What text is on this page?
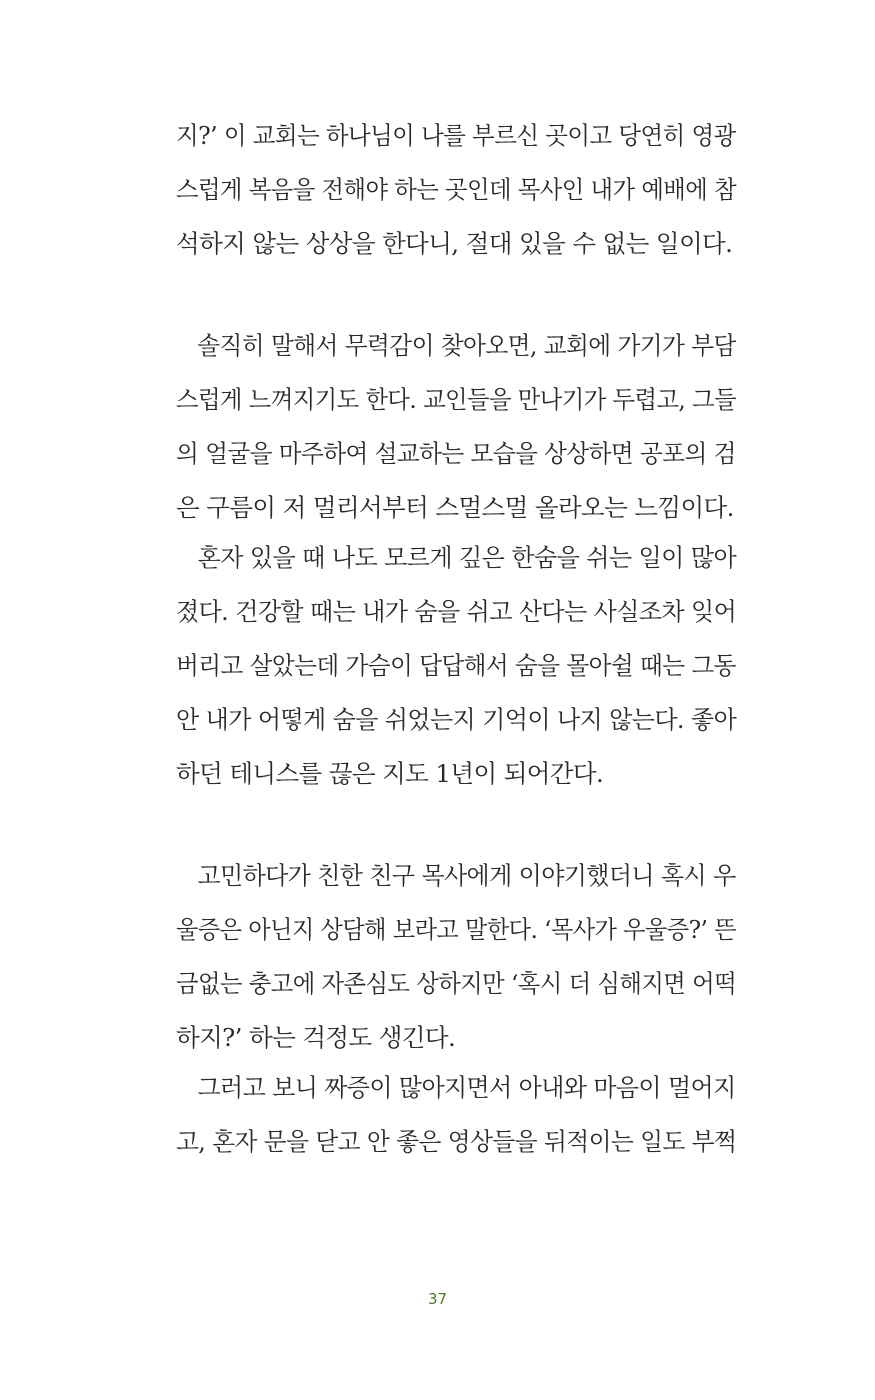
지?’ 이 교회는 하나님이 나를 부르신 곳이고 당연히 영광
스럽게 복음을 전해야 하는 곳인데 목사인 내가 예배에 참
석하지 않는 상상을 한다니, 절대 있을 수 없는 일이다.
솔직히 말해서 무력감이 찾아오면, 교회에 가기가 부담
스럽게 느껴지기도 한다. 교인들을 만나기가 두렵고, 그들
의 얼굴을 마주하여 설교하는 모습을 상상하면 공포의 검
은 구름이 저 멀리서부터 스멀스멀 올라오는 느낌이다.
혼자 있을 때 나도 모르게 깊은 한숨을 쉬는 일이 많아
졌다. 건강할 때는 내가 숨을 쉬고 산다는 사실조차 잊어
버리고 살았는데 가슴이 답답해서 숨을 몰아쉴 때는 그동
안 내가 어떻게 숨을 쉬었는지 기억이 나지 않는다. 좋아
하던 테니스를 끊은 지도 1년이 되어간다.
고민하다가 친한 친구 목사에게 이야기했더니 혹시 우
울증은 아닌지 상담해 보라고 말한다. ‘목사가 우울증?’ 뜬
금없는 충고에 자존심도 상하지만 ‘혹시 더 심해지면 어떡
하지?’ 하는 걱정도 생긴다.
그러고 보니 짜증이 많아지면서 아내와 마음이 멀어지
고, 혼자 문을 닫고 안 좋은 영상들을 뒤적이는 일도 부쩍
37
